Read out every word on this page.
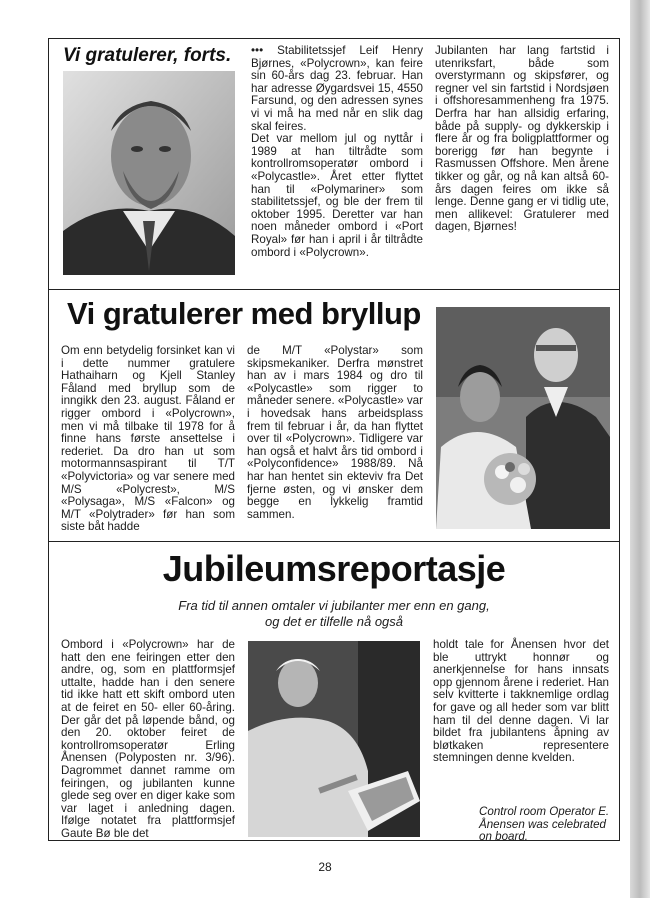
Vi gratulerer, forts. ••• Stabilitetssjef Leif Henry Bjørnes, «Polycrown», kan feire sin 60-års dag 23. februar. Han har adresse Øygardsvei 15, 4550 Farsund, og den adressen synes vi vi må ha med når en slik dag skal feires.
Det var mellom jul og nyttår i 1989 at han tiltrådte som kontrollromsoperatør ombord i «Polycastle». Året etter flyttet han til «Polymariner» som stabilitetssjef, og ble der frem til oktober 1995. Deretter var han noen måneder ombord i «Port Royal» før han i april i år tiltrådte ombord i «Polycrown».

Jubilanten har lang fartstid i utenriksfart, både som overstyrmann og skipsfører, og regner vel sin fartstid i Nordsjøen i offshoresammenheng fra 1975. Derfra har han allsidig erfaring, både på supply- og dykkerskip i flere år og fra boligplattformer og borerigg før han begynte i Rasmussen Offshore. Men årene tikker og går, og nå kan altså 60-års dagen feires om ikke så lenge. Denne gang er vi tidlig ute, men allikevel: Gratulerer med dagen, Bjørnes!

Vi gratulerer med bryllup

Om enn betydelig forsinket kan vi i dette nummer gratulere Hathaiharn og Kjell Stanley Fåland med bryllup som de inngikk den 23. august. Fåland er rigger ombord i «Polycrown», men vi må tilbake til 1978 for å finne hans første ansettelse i rederiet. Da dro han ut som motormannsaspirant til T/T «Polyvictoria» og var senere med M/S «Polycrest», M/S «Polysaga», M/S «Falcon» og M/T «Polytrader» før han som siste båt hadde

de M/T «Polystar» som skipsmekaniker. Derfra mønstret han av i mars 1984 og dro til «Polycastle» som rigger to måneder senere. «Polycastle» var i hovedsak hans arbeidsplass frem til februar i år, da han flyttet over til «Polycrown». Tidligere var han også et halvt års tid ombord i «Polyconfidence» 1988/89. Nå har han hentet sin ekteviv fra Det fjerne østen, og vi ønsker dem begge en lykkelig framtid sammen.

Jubileumsreportasje

Fra tid til annen omtaler vi jubilanter mer enn en gang,

og det er tilfelle nå også

Ombord i «Polycrown» har de hatt den ene feiringen etter den andre, og, som en plattformsjef uttalte, hadde han i den senere tid ikke hatt ett skift ombord uten at de feiret en 50- eller 60-åring. Der går det på løpende bånd, og den 20. oktober feiret de kontrollromsoperatør Erling Ånensen (Polyposten nr. 3/96). Dagrommet dannet ramme om feiringen, og jubilanten kunne glede seg over en diger kake som var laget i anledning dagen. Ifølge notatet fra plattformsjef Gaute Bø ble det

holdt tale for Ånensen hvor det ble uttrykt honnør og anerkjennelse for hans innsats opp gjennom årene i rederiet. Han selv kvitterte i takknemlige ordlag for gave og all heder som var blitt ham til del denne dagen. Vi lar bildet fra jubilantens åpning av bløtkaken representere stemningen denne kvelden.

Control room Operator E. Ånensen was celebrated on board.

28
